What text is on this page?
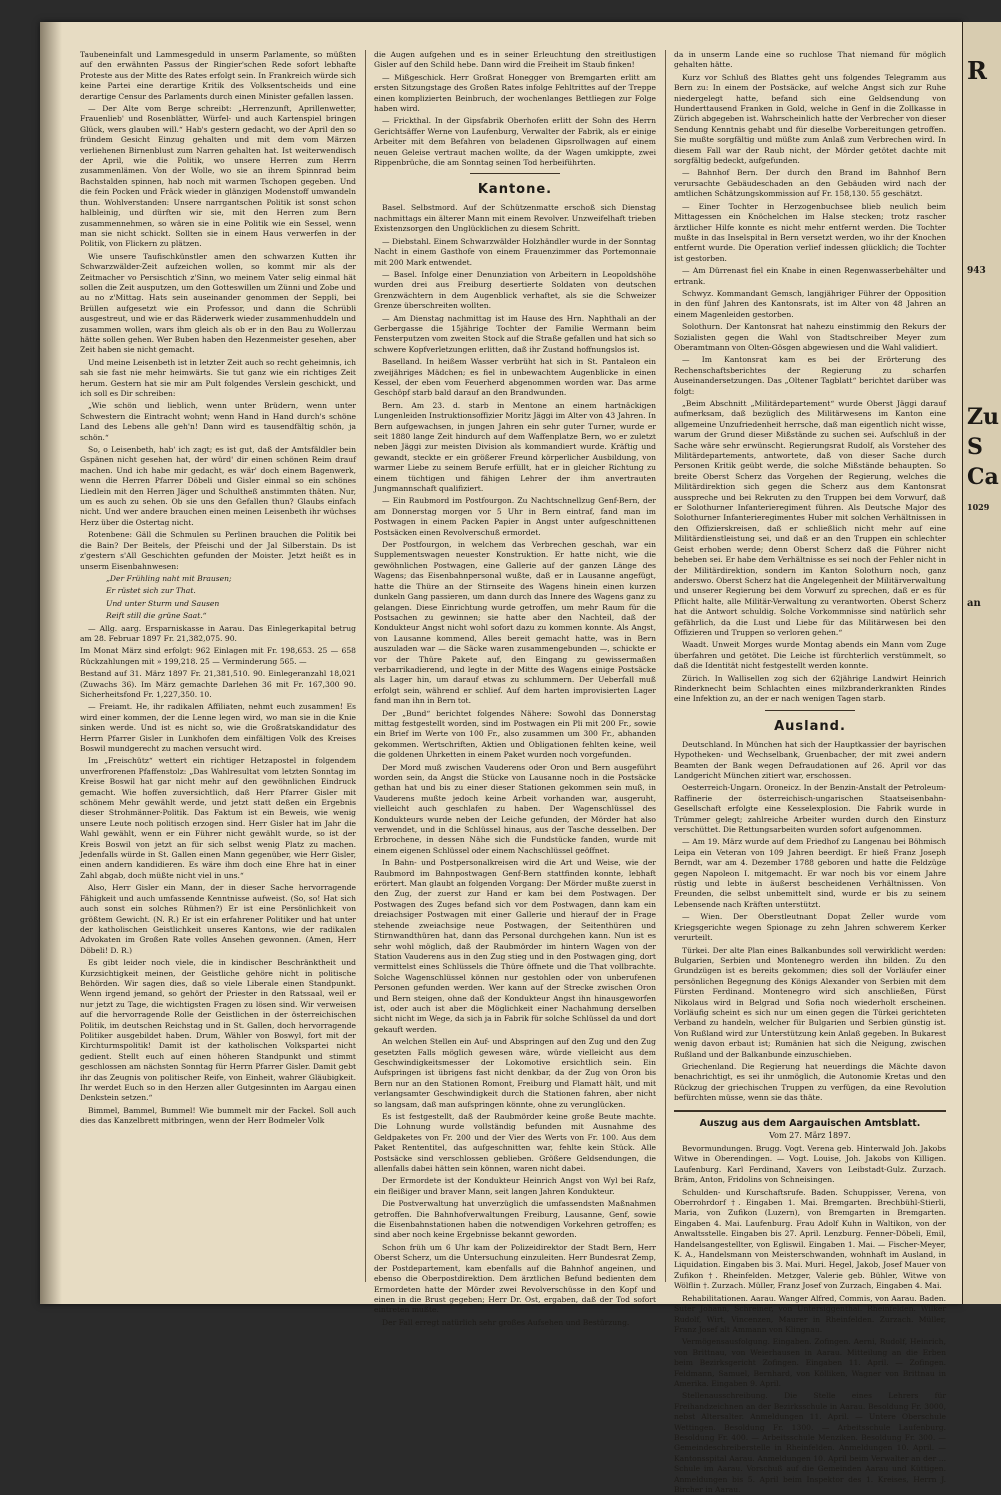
Taubeneinfalt und Lammesgeduld in unserm Parlamente, so müßten auf den erwähnten Passus der Ringier'schen Rede sofort lebhafte Proteste aus der Mitte des Rates erfolgt sein. In Frankreich würde sich keine Partei eine derartige Kritik des Volksentscheids und eine derartige Censur des Parlaments durch einen Minister gefallen lassen.

— Der Alte vom Berge schreibt: „Herrenzunft, Aprillenwetter, Frauenlieb' und Rosenblätter, Würfel- und auch Kartenspiel bringen Glück, wers glauben will.“ Hab's gestern gedacht, wo der April den so fründem Gesicht Einzug gehalten und mit dem vom Märzen verliehenen Birnenblust zum Narren gehalten hat. Ist weiterwendisch der April, wie die Politik, wo unsere Herren zum Herrn zusammenlämen. Von der Wolle, wo sie an ihrem Spinnrad beim Bachstalden spinnen, hab noch mit warmen Tschopen gegeben. Und die fein Pocken und Fräck wieder in glänzigen Modenstoff umwandeln thun. Wohlverstanden: Unsere narrgantschen Politik ist sonst schon halbleinig, und dürften wir sie, mit den Herren zum Bern zusammennehmen, so wären sie in eine Politik wie ein Sessel, wenn man sie nicht schickt. Sollten sie in einem Haus verwerfen in der Politik, von Flickern zu plätzen.

Wie unsere Taufischkünstler amen den schwarzen Kutten ihr Schwarzwälder-Zeit aufzeichen wollen, so kommt mir als der Zeitmacher vo Persischtich z'Sinn, wo meinem Vater selig einmal hät sollen die Zeit ausputzen, um den Gotteswillen um Zünni und Zobe und au no z'Mittag. Hats sein auseinander genommen der Seppli, bei Brüllen aufgesetzt wie ein Professor, und dann die Schrübli ausgestreut, und wie er das Räderwerk wieder zusammenhuddeln und zusammen wollen, wars ihm gleich als ob er in den Bau zu Wollerzau hätte sollen gehen. Wer Buben haben den Hezenmeister gesehen, aber Zeit haben sie nicht gemacht.

Und meine Leisenbeth ist in letzter Zeit auch so recht geheimnis, ich sah sie fast nie mehr heimwärts. Sie tut ganz wie ein richtiges Zeit herum. Gestern hat sie mir am Pult folgendes Verslein geschickt, und ich soll es Dir schreiben:

„Wie schön und lieblich, wenn unter Brüdern, wenn unter Schwestern die Eintracht wohnt; wenn Hand in Hand durch's schöne Land des Lebens alle geh'n! Dann wird es tausendfältig schön, ja schön.“

So, o Leisenbeth, hab' ich zagt; es ist gut, daß der Amtsfäldler bein Gspänen nicht gesehen hat, der würd' dir einen schönen Reim drauf machen. Und ich habe mir gedacht, es wär' doch einem Bagenwerk, wenn die Herren Pfarrer Döbeli und Gisler einmal so ein schönes Liedlein mit den Herren Jäger und Schultheß anstimmten thäten. Nur, um es auch zu sehen. Ob sie uns den Gefallen thun? Glaubs einfach nicht. Und wer andere brauchen einen meinen Leisenbeth ihr wüchses Herz über die Ostertag nicht.

Rotenbene: Gäll die Schmulen su Perlinen brauchen die Politik bei die Bain? Der Beitels, der Pfeischi und der Jal Silberstain. Ds ist z'gestern s'All Geschichten gefunden der Moister. Jetzt heißt es in unserm Eisenbahnwesen:

„Der Frühling naht mit Brausen;

Er rüstet sich zur That.

Und unter Sturm und Sausen

Reift still die grüne Saat.“

— Allg. aarg. Ersparniskasse in Aarau. Das Einlegerkapital betrug am 28. Februar 1897 Fr. 21,382,075. 90.

Im Monat März sind erfolgt: 962 Einlagen mit Fr. 198,653. 25 — 658 Rückzahlungen mit » 199,218. 25 — Verminderung 565. —

Bestand auf 31. März 1897 Fr. 21,381,510. 90. Einlegeranzahl 18,021 (Zuwachs 36). Im März gemachte Darlehen 36 mit Fr. 167,300 90. Sicherheitsfond Fr. 1,227,350. 10.

— Freiamt. He, ihr radikalen Affiliaten, nehmt euch zusammen! Es wird einer kommen, der die Lenne legen wird, wo man sie in die Knie sinken werde. Und ist es nicht so, wie die Großratskandidatur des Herrn Pfarrer Gisler in Lunkhofen dem einfältigen Volk des Kreises Boswil mundgerecht zu machen versucht wird.

Im „Freischütz“ wettert ein richtiger Hetzapostel in folgendem unverfrorenen Pfaffenstolz: „Das Wahlresultat vom letzten Sonntag im Kreise Boswil hat gar nicht mehr auf den gewöhnlichen Eindruck gemacht. Wie hoffen zuversichtlich, daß Herr Pfarrer Gisler mit schönem Mehr gewählt werde, und jetzt statt deßen ein Ergebnis dieser Strohmänner-Politik. Das Faktum ist ein Beweis, wie wenig unsere Leute noch politisch erzogen sind. Herr Gisler hat im Jahr die Wahl gewählt, wenn er ein Führer nicht gewählt wurde, so ist der Kreis Boswil von jetzt an für sich selbst wenig Platz zu machen. Jedenfalls würde in St. Gallen einen Mann gegenüber, wie Herr Gisler, einen andern kandidieren. Es wäre ihm doch eine Ehre hat in einer Zahl abgab, doch müßte nicht viel in uns.“

Also, Herr Gisler ein Mann, der in dieser Sache hervorragende Fähigkeit und auch umfassende Kenntnisse aufweist. (So, so! Hat sich auch sonst ein solches Rühmen?) Er ist eine Persönlichkeit von größtem Gewicht. (N. R.) Er ist ein erfahrener Politiker und hat unter der katholischen Geistlichkeit unseres Kantons, wie der radikalen Advokaten im Großen Rate volles Ansehen gewonnen. (Amen, Herr Döbeli! D. R.)

Es gibt leider noch viele, die in kindischer Beschränktheit und Kurzsichtigkeit meinen, der Geistliche gehöre nicht in politische Behörden. Wir sagen dies, daß so viele Liberale einen Standpunkt. Wenn irgend jemand, so gehört der Priester in den Ratssaal, weil er nur jetzt zu Tage, die wichtigsten Fragen zu lösen sind. Wir verweisen auf die hervorragende Rolle der Geistlichen in der österreichischen Politik, im deutschen Reichstag und in St. Gallen, doch hervorragende Politiker ausgebildet haben. Drum, Wähler von Boswyl, fort mit der Kirchturmspolitik! Damit ist der katholischen Volkspartei nicht gedient. Stellt euch auf einen höheren Standpunkt und stimmt geschlossen am nächsten Sonntag für Herrn Pfarrer Gisler. Damit gebt ihr das Zeugnis von politischer Reife, von Einheit, wahrer Gläubigkeit. Ihr werdet Euch so in den Herzen aller Gutgesinnten im Aargau einen Denkstein setzen.“

Bimmel, Bammel, Bummel! Wie bummelt mir der Fackel. Soll auch dies das Kanzelbrett mitbringen, wenn der Herr Bodmeler Volk

die Augen aufgehen und es in seiner Erleuchtung den streitlustigen Gisler auf den Schild hebe. Dann wird die Freiheit im Staub finken!

— Mißgeschick. Herr Großrat Honegger von Bremgarten erlitt am ersten Sitzungstage des Großen Rates infolge Fehltrittes auf der Treppe einen komplizierten Beinbruch, der wochenlanges Bettliegen zur Folge haben wird.

— Frickthal. In der Gipsfabrik Oberhofen erlitt der Sohn des Herrn Gerichtsäffer Werne von Laufenburg, Verwalter der Fabrik, als er einige Arbeiter mit dem Befahren von beladenen Gipsrollwagen auf einem neuen Geleise vertraut machen wollte, da der Wagen umkippte, zwei Rippenbrüche, die am Sonntag seinen Tod herbeiführten.

Kantone.

Basel. Selbstmord. Auf der Schützenmatte erschoß sich Dienstag nachmittags ein älterer Mann mit einem Revolver. Unzweifelhaft trieben Existenzsorgen den Unglücklichen zu diesem Schritt.

— Diebstahl. Einem Schwarzwälder Holzhändler wurde in der Sonntag Nacht in einem Gasthofe von einem Frauenzimmer das Portemonnaie mit 200 Mark entwendet.

— Basel. Infolge einer Denunziation von Arbeitern in Leopoldshöhe wurden drei aus Freiburg desertierte Soldaten von deutschen Grenzwächtern in dem Augenblick verhaftet, als sie die Schweizer Grenze überschreiten wollten.

— Am Dienstag nachmittag ist im Hause des Hrn. Naphthali an der Gerbergasse die 15jährige Tochter der Familie Wermann beim Fensterputzen vom zweiten Stock auf die Straße gefallen und hat sich so schwere Kopfverletzungen erlitten, daß ihr Zustand hoffnungslos ist.

Baselland. In heißem Wasser verbrüht hat sich in St. Pantaleon ein zweijähriges Mädchen; es fiel in unbewachtem Augenblicke in einen Kessel, der eben vom Feuerherd abgenommen worden war. Das arme Geschöpf starb bald darauf an den Brandwunden.

Bern. Am 23. d. starb in Mentone an einem hartnäckigen Lungenleiden Instruktionsoffizier Moritz Jäggi im Alter von 43 Jahren. In Bern aufgewachsen, in jungen Jahren ein sehr guter Turner, wurde er seit 1880 lange Zeit hindurch auf dem Waffenplatze Bern, wo er zuletzt neben Jäggi zur meisten Division als kommandiert wurde. Kräftig und gewandt, steckte er ein größerer Freund körperlicher Ausbildung, von warmer Liebe zu seinem Berufe erfüllt, hat er in gleicher Richtung zu einem tüchtigen und fähigen Lehrer der ihm anvertrauten Jungmannschaft qualifiziert.

— Ein Raubmord im Postfourgon. Zu Nachtschnellzug Genf-Bern, der am Donnerstag morgen vor 5 Uhr in Bern eintraf, fand man im Postwagen in einem Packen Papier in Angst unter aufgeschnittenen Postsäcken einen Revolverschuß ermordet.

Der Postfourgon, in welchem das Verbrechen geschah, war ein Supplementswagen neuester Konstruktion. Er hatte nicht, wie die gewöhnlichen Postwagen, eine Gallerie auf der ganzen Länge des Wagens; das Eisenbahnpersonal wußte, daß er in Lausanne angefügt, hatte die Thüre an der Stirnseite des Wagens hinein einen kurzen dunkeln Gang passieren, um dann durch das Innere des Wagens ganz zu gelangen. Diese Einrichtung wurde getroffen, um mehr Raum für die Postsachen zu gewinnen; sie hatte aber den Nachteil, daß der Kondukteur Angst nicht wohl sofort dazu zu kommen konnte. Als Angst, von Lausanne kommend, Alles bereit gemacht hatte, was in Bern auszuladen war — die Säcke waren zusammengebunden —, schickte er vor der Thüre Pakete auf, den Eingang zu gewissermaßen verbarrikadierend, und legte in der Mitte des Wagens einige Postsäcke als Lager hin, um darauf etwas zu schlummern. Der Ueberfall muß erfolgt sein, während er schlief. Auf dem harten improvisierten Lager fand man ihn in Bern tot.

Der „Bund“ berichtet folgendes Nähere: Sowohl das Donnerstag mittag festgestellt worden, sind im Postwagen ein Pli mit 200 Fr., sowie ein Brief im Werte von 100 Fr., also zusammen um 300 Fr., abhanden gekommen. Wertschriften, Aktien und Obligationen fehlten keine, weil die goldenen Uhrketten in einem Paket wurden noch vorgefunden.

Der Mord muß zwischen Vauderens oder Oron und Bern ausgeführt worden sein, da Angst die Stücke von Lausanne noch in die Postsäcke gethan hat und bis zu einer dieser Stationen gekommen sein muß, in Vauderens mußte jedoch keine Arbeit vorhanden war, ausgeruht, vielleicht auch geschlafen zu haben. Der Wagenschlüssel des Kondukteurs wurde neben der Leiche gefunden, der Mörder hat also verwendet, und in die Schlüssel hinaus, aus der Tasche desselben. Der Erbrochene, in dessen Nähe sich die Fundstücke fanden, wurde mit einem eigenen Schlüssel oder einem Nachschlüssel geöffnet.

In Bahn- und Postpersonalkreisen wird die Art und Weise, wie der Raubmord im Bahnpostwagen Genf-Bern stattfinden konnte, lebhaft erörtert. Man glaubt an folgenden Vorgang: Der Mörder mußte zuerst in den Zug, der zuerst zur Hand er kam bei dem Postwagen. Der Postwagen des Zuges befand sich vor dem Postwagen, dann kam ein dreiachsiger Postwagen mit einer Gallerie und hierauf der in Frage stehende zweiachsige neue Postwagen, der Seitenthüren und Stirnwandthüren hat, dann das Personal durchgehen kann. Nun ist es sehr wohl möglich, daß der Raubmörder im hintern Wagen von der Station Vauderens aus in den Zug stieg und in den Postwagen ging, dort vermittelst eines Schlüssels die Thüre öffnete und die That vollbrachte. Solche Wagenschlüssel können nur gestohlen oder von unberufenen Personen gefunden werden. Wer kann auf der Strecke zwischen Oron und Bern steigen, ohne daß der Kondukteur Angst ihn hinausgeworfen ist, oder auch ist aber die Möglichkeit einer Nachahmung derselben sicht nicht im Wege, da sich ja in Fabrik für solche Schlüssel da und dort gekauft werden.

An welchen Stellen ein Auf- und Abspringen auf den Zug und den Zug gesetzten Falls möglich gewesen wäre, würde vielleicht aus dem Geschwindigkeitsmesser der Lokomotive ersichtlich sein. Ein Aufspringen ist übrigens fast nicht denkbar, da der Zug von Oron bis Bern nur an den Stationen Romont, Freiburg und Flamatt hält, und mit verlangsamter Geschwindigkeit durch die Stationen fahren, aber nicht so langsam, daß man aufspringen könnte, ohne zu verunglücken.

Es ist festgestellt, daß der Raubmörder keine große Beute machte. Die Lohnung wurde vollständig befunden mit Ausnahme des Geldpaketes von Fr. 200 und der Vier des Werts von Fr. 100. Aus dem Paket Rententitel, das aufgeschnitten war, fehlte kein Stück. Alle Postsäcke sind verschlossen geblieben. Größere Geldsendungen, die allenfalls dabei hätten sein können, waren nicht dabei.

Der Ermordete ist der Kondukteur Heinrich Angst von Wyl bei Rafz, ein fleißiger und braver Mann, seit langen Jahren Kondukteur.

Die Postverwaltung hat unverzüglich die umfassendsten Maßnahmen getroffen. Die Bahnhofverwaltungen Freiburg, Lausanne, Genf, sowie die Eisenbahnstationen haben die notwendigen Vorkehren getroffen; es sind aber noch keine Ergebnisse bekannt geworden.

Schon früh um 6 Uhr kam der Polizeidirektor der Stadt Bern, Herr Oberst Scherz, um die Untersuchung einzuleiten. Herr Bundesrat Zemp, der Postdepartement, kam ebenfalls auf die Bahnhof angeinen, und ebenso die Oberpostdirektion. Dem ärztlichen Befund bedienten dem Ermordeten hatte der Mörder zwei Revolverschüsse in den Kopf und einen in die Brust gegeben; Herr Dr. Ost, ergaben, daß der Tod sofort eintreten mußte.

Der Fall erregt natürlich sehr großes Aufsehen und Bestürzung.

da in unserm Lande eine so ruchlose That niemand für möglich gehalten hätte.

Kurz vor Schluß des Blattes geht uns folgendes Telegramm aus Bern zu: In einem der Postsäcke, auf welche Angst sich zur Ruhe niedergelegt hatte, befand sich eine Geldsendung von Hunderttausend Franken in Gold, welche in Genf in die Zollkasse in Zürich abgegeben ist. Wahrscheinlich hatte der Verbrecher von dieser Sendung Kenntnis gehabt und für dieselbe Vorbereitungen getroffen. Sie mußte sorgfältig und müßte zum Anlaß zum Verbrechen wird. In diesem Fall war der Raub nicht, der Mörder getötet dachte mit sorgfältig bedeckt, aufgefunden.

— Bahnhof Bern. Der durch den Brand im Bahnhof Bern verursachte Gebäudeschaden an den Gebäuden wird nach der amtlichen Schätzungskommission auf Fr. 158,130. 55 geschätzt.

— Einer Tochter in Herzogenbuchsee blieb neulich beim Mittagessen ein Knöchelchen im Halse stecken; trotz rascher ärztlicher Hilfe konnte es nicht mehr entfernt werden. Die Tochter mußte in das Inselspital in Bern versetzt werden, wo ihr der Knochen entfernt wurde. Die Operation verlief indessen glücklich; die Tochter ist gestorben.

— Am Dürrenast fiel ein Knabe in einen Regenwasserbehälter und ertrank.

Schwyz. Kommandant Gemsch, langjähriger Führer der Opposition in den fünf Jahren des Kantonsrats, ist im Alter von 48 Jahren an einem Magenleiden gestorben.

Solothurn. Der Kantonsrat hat nahezu einstimmig den Rekurs der Sozialisten gegen die Wahl von Stadtschreiber Meyer zum Oberamtmann von Olten-Gösgen abgewiesen und die Wahl validiert.

— Im Kantonsrat kam es bei der Erörterung des Rechenschaftsberichtes der Regierung zu scharfen Auseinandersetzungen. Das „Oltener Tagblatt“ berichtet darüber was folgt:

„Beim Abschnitt „Militärdepartement“ wurde Oberst Jäggi darauf aufmerksam, daß bezüglich des Militärwesens im Kanton eine allgemeine Unzufriedenheit herrsche, daß man eigentlich nicht wisse, warum der Grund dieser Mißstände zu suchen sei. Aufschluß in der Sache wäre sehr erwünscht. Regierungsrat Rudolf, als Vorsteher des Militärdepartements, antwortete, daß von dieser Sache durch Personen Kritik geübt werde, die solche Mißstände behaupten. So breite Oberst Scherz das Vorgehen der Regierung, welches die Militärdirektion sich gegen die Scherz aus dem Kantonsrat ausspreche und bei Rekruten zu den Truppen bei dem Vorwurf, daß er Solothurner Infanterieregiment führen. Als Deutsche Major des Solothurner Infanterieregimentes Huber mit solchen Verhältnissen in den Offizierskreisen, daß er schließlich nicht mehr auf eine Militärdienstleistung sei, und daß er an den Truppen ein schlechter Geist erhoben werde; denn Oberst Scherz daß die Führer nicht beheben sei. Er habe dem Verhältnisse es sei noch der Fehler nicht in der Militärdirektion, sondern im Kanton Solothurn noch, ganz anderswo. Oberst Scherz hat die Angelegenheit der Militärverwaltung und unserer Regierung bei dem Vorwurf zu sprechen, daß er es für Pflicht halte, alle Militär-Verwaltung zu verantworten. Oberst Scherz hat die Antwort schuldig. Solche Vorkommnisse sind natürlich sehr gefährlich, da die Lust und Liebe für das Militärwesen bei den Offizieren und Truppen so verloren gehen.“

Waadt. Unweit Morges wurde Montag abends ein Mann vom Zuge überfahren und getötet. Die Leiche ist fürchterlich verstümmelt, so daß die Identität nicht festgestellt werden konnte.

Zürich. In Wallisellen zog sich der 62jährige Landwirt Heinrich Rinderknecht beim Schlachten eines milzbranderkrankten Rindes eine Infektion zu, an der er nach wenigen Tagen starb.

Ausland.

Deutschland. In München hat sich der Hauptkassier der bayrischen Hypotheken- und Wechselbank, Gruenbacher, der mit zwei andern Beamten der Bank wegen Defraudationen auf 26. April vor das Landgericht München zitiert war, erschossen.

Oesterreich-Ungarn. Oroneicz. In der Benzin-Anstalt der Petroleum-Raffinerie der österreichisch-ungarischen Staatseisenbahn-Gesellschaft erfolgte eine Kesselexplosion. Die Fabrik wurde in Trümmer gelegt; zahlreiche Arbeiter wurden durch den Einsturz verschüttet. Die Rettungsarbeiten wurden sofort aufgenommen.

— Am 19. März wurde auf dem Friedhof zu Langenau bei Böhmisch Leipa ein Veteran von 109 Jahren beerdigt. Er hieß Franz Joseph Berndt, war am 4. Dezember 1788 geboren und hatte die Feldzüge gegen Napoleon I. mitgemacht. Er war noch bis vor einem Jahre rüstig und lebte in äußerst bescheidenen Verhältnissen. Von Freunden, die selbst unbemittelt sind, wurde er bis zu seinem Lebensende nach Kräften unterstützt.

— Wien. Der Oberstleutnant Dopat Zeller wurde vom Kriegsgerichte wegen Spionage zu zehn Jahren schwerem Kerker verurteilt.

Türkei. Der alte Plan eines Balkanbundes soll verwirklicht werden: Bulgarien, Serbien und Montenegro werden ihn bilden. Zu den Grundzügen ist es bereits gekommen; dies soll der Vorläufer einer persönlichen Begegnung des Königs Alexander von Serbien mit dem Fürsten Ferdinand. Montenegro wird sich anschließen, Fürst Nikolaus wird in Belgrad und Sofia noch wiederholt erscheinen. Vorläufig scheint es sich nur um einen gegen die Türkei gerichteten Verband zu handeln, welcher für Bulgarien und Serbien günstig ist. Von Rußland wird zur Unterstützung kein Anlaß gegeben. In Bukarest wenig davon erbaut ist; Rumänien hat sich die Neigung, zwischen Rußland und der Balkanbunde einzuschieben.

Griechenland. Die Regierung hat neuerdings die Mächte davon benachrichtigt, es sei ihr unmöglich, die Autonomie Kretas und den Rückzug der griechischen Truppen zu verfügen, da eine Revolution befürchten müsse, wenn sie das thäte.

Auszug aus dem Aargauischen Amtsblatt.
Vom 27. März 1897.

Bevormundungen. Brugg. Vogt. Verena geb. Hinterwald Joh. Jakobs Witwe in Oberendingen. — Vogt. Louise, Joh. Jakobs von Killigen. Laufenburg. Karl Ferdinand, Xavers von Leibstadt-Gulz. Zurzach. Bräm, Anton, Fridolins von Schneisingen.

Schulden- und Kurschaftsrufe. Baden. Schuppisser, Verena, von Oberrohrdorf †. Eingaben 1. Mai. Bremgarten. Brechbühl-Stierli, Maria, von Zufikon (Luzern), von Bremgarten in Bremgarten. Eingaben 4. Mai. Laufenburg. Frau Adolf Kuhn in Waltikon, von der Anwaltsstelle. Eingaben bis 27. April. Lenzburg. Fenner-Döbeli, Emil, Handelsangestellter, von Egliswil. Eingaben 1. Mai. — Fischer-Meyer, K. A., Handelsmann von Meisterschwanden, wohnhaft im Ausland, in Liquidation. Eingaben bis 3. Mai. Muri. Hegel, Jakob, Josef Mauer von Zufikon †. Rheinfelden. Metzger, Valerie geb. Bühler, Witwe von Wölflin †. Zurzach. Müller, Franz Josef von Zurzach, Eingaben 4. Mai.

Rehabilitationen. Aarau. Wanger Alfred, Commis, von Aarau. Baden. Suter Johann, Schreiner, von Untersiggenthal. Rheinfelden. Wilker Rudolf, Wirt, Vincenzen, Maurer in Rheinfelden. Zurzach. Müller, Franz Josef alt Ammann von Klingnau.

Vermögensausfolgung. Eingaben. Zofingen. Aerni, Rudolf, Heinrich, von Brittnau, von Weierhausen in Aarau. Mitteilung an die Erben beim Bezirksgericht Zofingen. Eingaben 11. April. — Zofingen. Feldmann, Samuel, Bernhard, von Kölliken, Wagner von Brittnau in Amerika. Eingaben 9. April.

Stellenausschreibung. Die Stelle eines Lehrers für Freihandzeichnen an der Bezirksschule in Aarau. Besoldung Fr. 3000, nebst Altersalter. Anmeldungen 11. April. — Untere Oberschule Wettingen. Besoldung Fr. 1300. — Arbeitsschule Laufenburg. Besoldung Fr. 400. — Arbeitsschule Menziken. Besoldung Fr. 300. — Gemeindeschreiberstelle in Rheinfelden. Anmeldungen 10. April. — Kantonsspital Aarau. Anmeldungen 10. April beim Verwalter an der ... Schule im Aarau. Vorschuß auf die Gemeinden Aarau und Küttigen. Anmeldungen bis 5. April beim Inspektor des 1. Kreises, Herrn J. Bircher in Aarau.

R
943
Zu
S
Ca
1029
an
